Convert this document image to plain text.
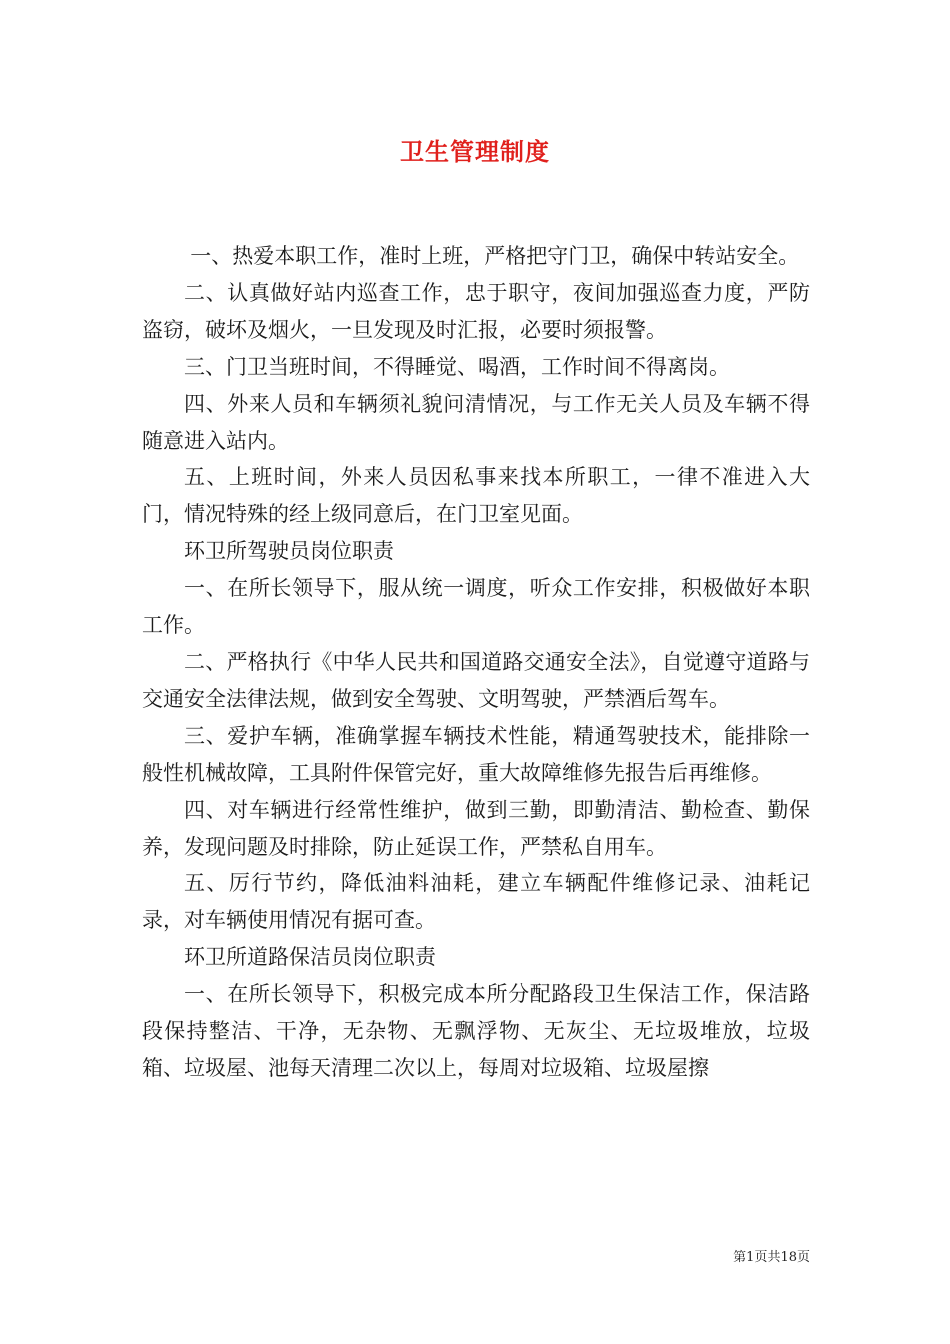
卫生管理制度

一、热爱本职工作，准时上班，严格把守门卫，确保中转站安全。

二、认真做好站内巡查工作，忠于职守，夜间加强巡查力度，严防盗窃，破坏及烟火，一旦发现及时汇报，必要时须报警。

三、门卫当班时间，不得睡觉、喝酒，工作时间不得离岗。

四、外来人员和车辆须礼貌问清情况，与工作无关人员及车辆不得随意进入站内。

五、上班时间，外来人员因私事来找本所职工，一律不准进入大门，情况特殊的经上级同意后，在门卫室见面。

环卫所驾驶员岗位职责

一、在所长领导下，服从统一调度，听众工作安排，积极做好本职工作。

二、严格执行《中华人民共和国道路交通安全法》，自觉遵守道路与交通安全法律法规，做到安全驾驶、文明驾驶，严禁酒后驾车。

三、爱护车辆，准确掌握车辆技术性能，精通驾驶技术，能排除一般性机械故障，工具附件保管完好，重大故障维修先报告后再维修。

四、对车辆进行经常性维护，做到三勤，即勤清洁、勤检查、勤保养，发现问题及时排除，防止延误工作，严禁私自用车。

五、厉行节约，降低油料油耗，建立车辆配件维修记录、油耗记录，对车辆使用情况有据可查。

环卫所道路保洁员岗位职责

一、在所长领导下，积极完成本所分配路段卫生保洁工作，保洁路段保持整洁、干净，无杂物、无飘浮物、无灰尘、无垃圾堆放，垃圾箱、垃圾屋、池每天清理二次以上，每周对垃圾箱、垃圾屋擦

第1页共18页
